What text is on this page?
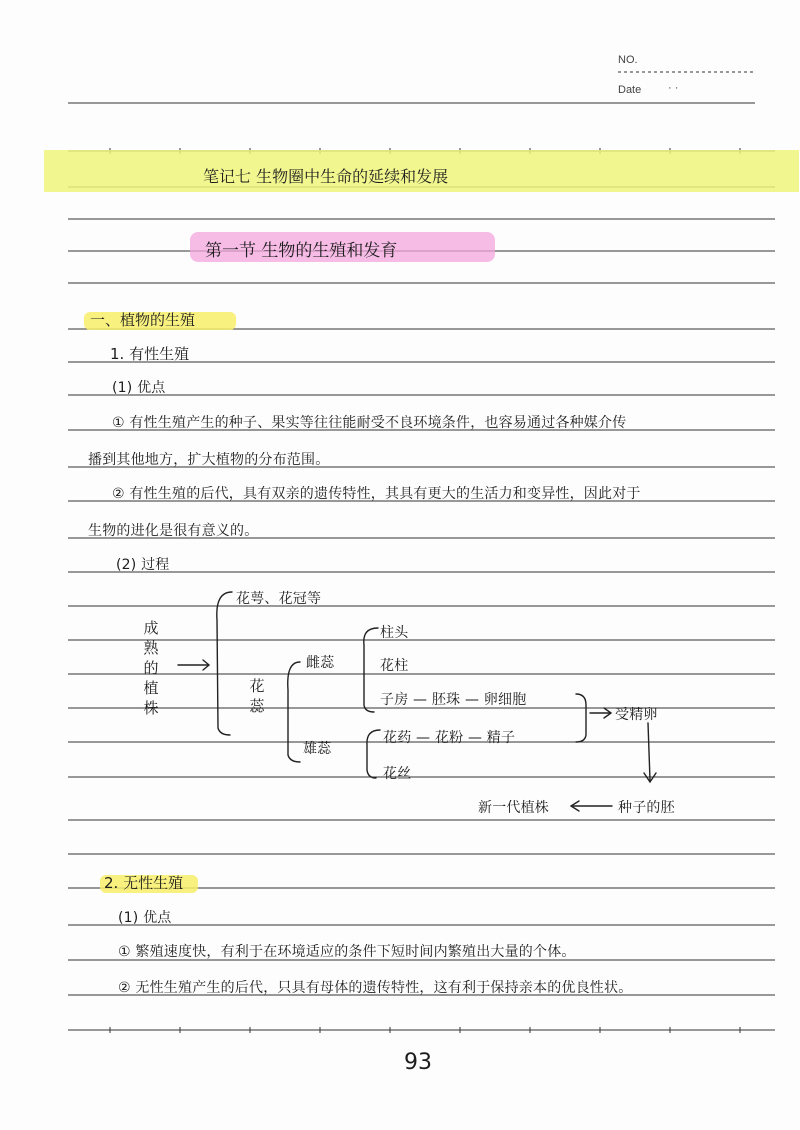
NO.
Date · ·
笔记七 生物圈中生命的延续和发展
第一节 生物的生殖和发育
一、植物的生殖
1. 有性生殖
(1) 优点
① 有性生殖产生的种子、果实等往往能耐受不良环境条件，也容易通过各种媒介传
播到其他地方，扩大植物的分布范围。
② 有性生殖的后代，具有双亲的遗传特性，其具有更大的生活力和变异性，因此对于
生物的进化是很有意义的。
(2) 过程
成熟的植株
花萼、花冠等
花蕊
雌蕊
柱头
花柱
子房 — 胚珠 — 卵细胞
雄蕊
花药 — 花粉 — 精子
花丝
受精卵
种子的胚
新一代植株
2. 无性生殖
(1) 优点
① 繁殖速度快，有利于在环境适应的条件下短时间内繁殖出大量的个体。
② 无性生殖产生的后代，只具有母体的遗传特性，这有利于保持亲本的优良性状。
93
